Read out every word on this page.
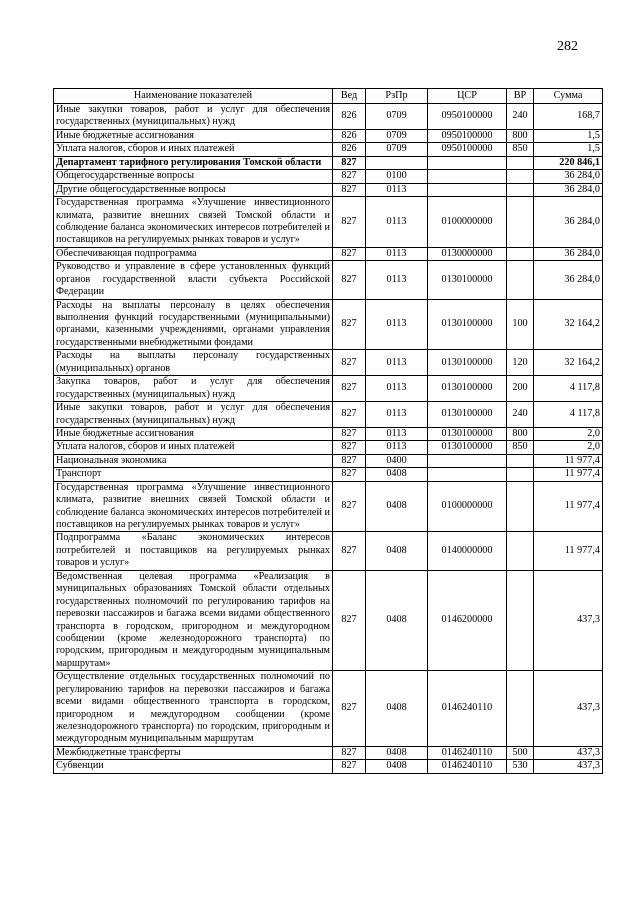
282
Наименование показателей	Вед	РзПр	ЦСР	ВР	Сумма
Иные закупки товаров, работ и услуг для обеспечения государственных (муниципальных) нужд	826	0709	0950100000	240	168,7
Иные бюджетные ассигнования	826	0709	0950100000	800	1,5
Уплата налогов, сборов и иных платежей	826	0709	0950100000	850	1,5
Департамент тарифного регулирования Томской области	827				220 846,1
Общегосударственные вопросы	827	0100			36 284,0
Другие общегосударственные вопросы	827	0113			36 284,0
Государственная программа «Улучшение инвестиционного климата, развитие внешних связей Томской области и соблюдение баланса экономических интересов потребителей и поставщиков на регулируемых рынках товаров и услуг»	827	0113	0100000000		36 284,0
Обеспечивающая подпрограмма	827	0113	0130000000		36 284,0
Руководство и управление в сфере установленных функций органов государственной власти субъекта Российской Федерации	827	0113	0130100000		36 284,0
Расходы на выплаты персоналу в целях обеспечения выполнения функций государственными (муниципальными) органами, казенными учреждениями, органами управления государственными внебюджетными фондами	827	0113	0130100000	100	32 164,2
Расходы на выплаты персоналу государственных (муниципальных) органов	827	0113	0130100000	120	32 164,2
Закупка товаров, работ и услуг для обеспечения государственных (муниципальных) нужд	827	0113	0130100000	200	4 117,8
Иные закупки товаров, работ и услуг для обеспечения государственных (муниципальных) нужд	827	0113	0130100000	240	4 117,8
Иные бюджетные ассигнования	827	0113	0130100000	800	2,0
Уплата налогов, сборов и иных платежей	827	0113	0130100000	850	2,0
Национальная экономика	827	0400			11 977,4
Транспорт	827	0408			11 977,4
Государственная программа «Улучшение инвестиционного климата, развитие внешних связей Томской области и соблюдение баланса экономических интересов потребителей и поставщиков на регулируемых рынках товаров и услуг»	827	0408	0100000000		11 977,4
Подпрограмма «Баланс экономических интересов потребителей и поставщиков на регулируемых рынках товаров и услуг»	827	0408	0140000000		11 977,4
Ведомственная целевая программа «Реализация в муниципальных образованиях Томской области отдельных государственных полномочий по регулированию тарифов на перевозки пассажиров и багажа всеми видами общественного транспорта в городском, пригородном и междугородном сообщении (кроме железнодорожного транспорта) по городским, пригородным и междугородным муниципальным маршрутам»	827	0408	0146200000		437,3
Осуществление отдельных государственных полномочий по регулированию тарифов на перевозки пассажиров и багажа всеми видами общественного транспорта в городском, пригородном и междугородном сообщении (кроме железнодорожного транспорта) по городским, пригородным и междугородным муниципальным маршрутам	827	0408	0146240110		437,3
Межбюджетные трансферты	827	0408	0146240110	500	437,3
Субвенции	827	0408	0146240110	530	437,3
